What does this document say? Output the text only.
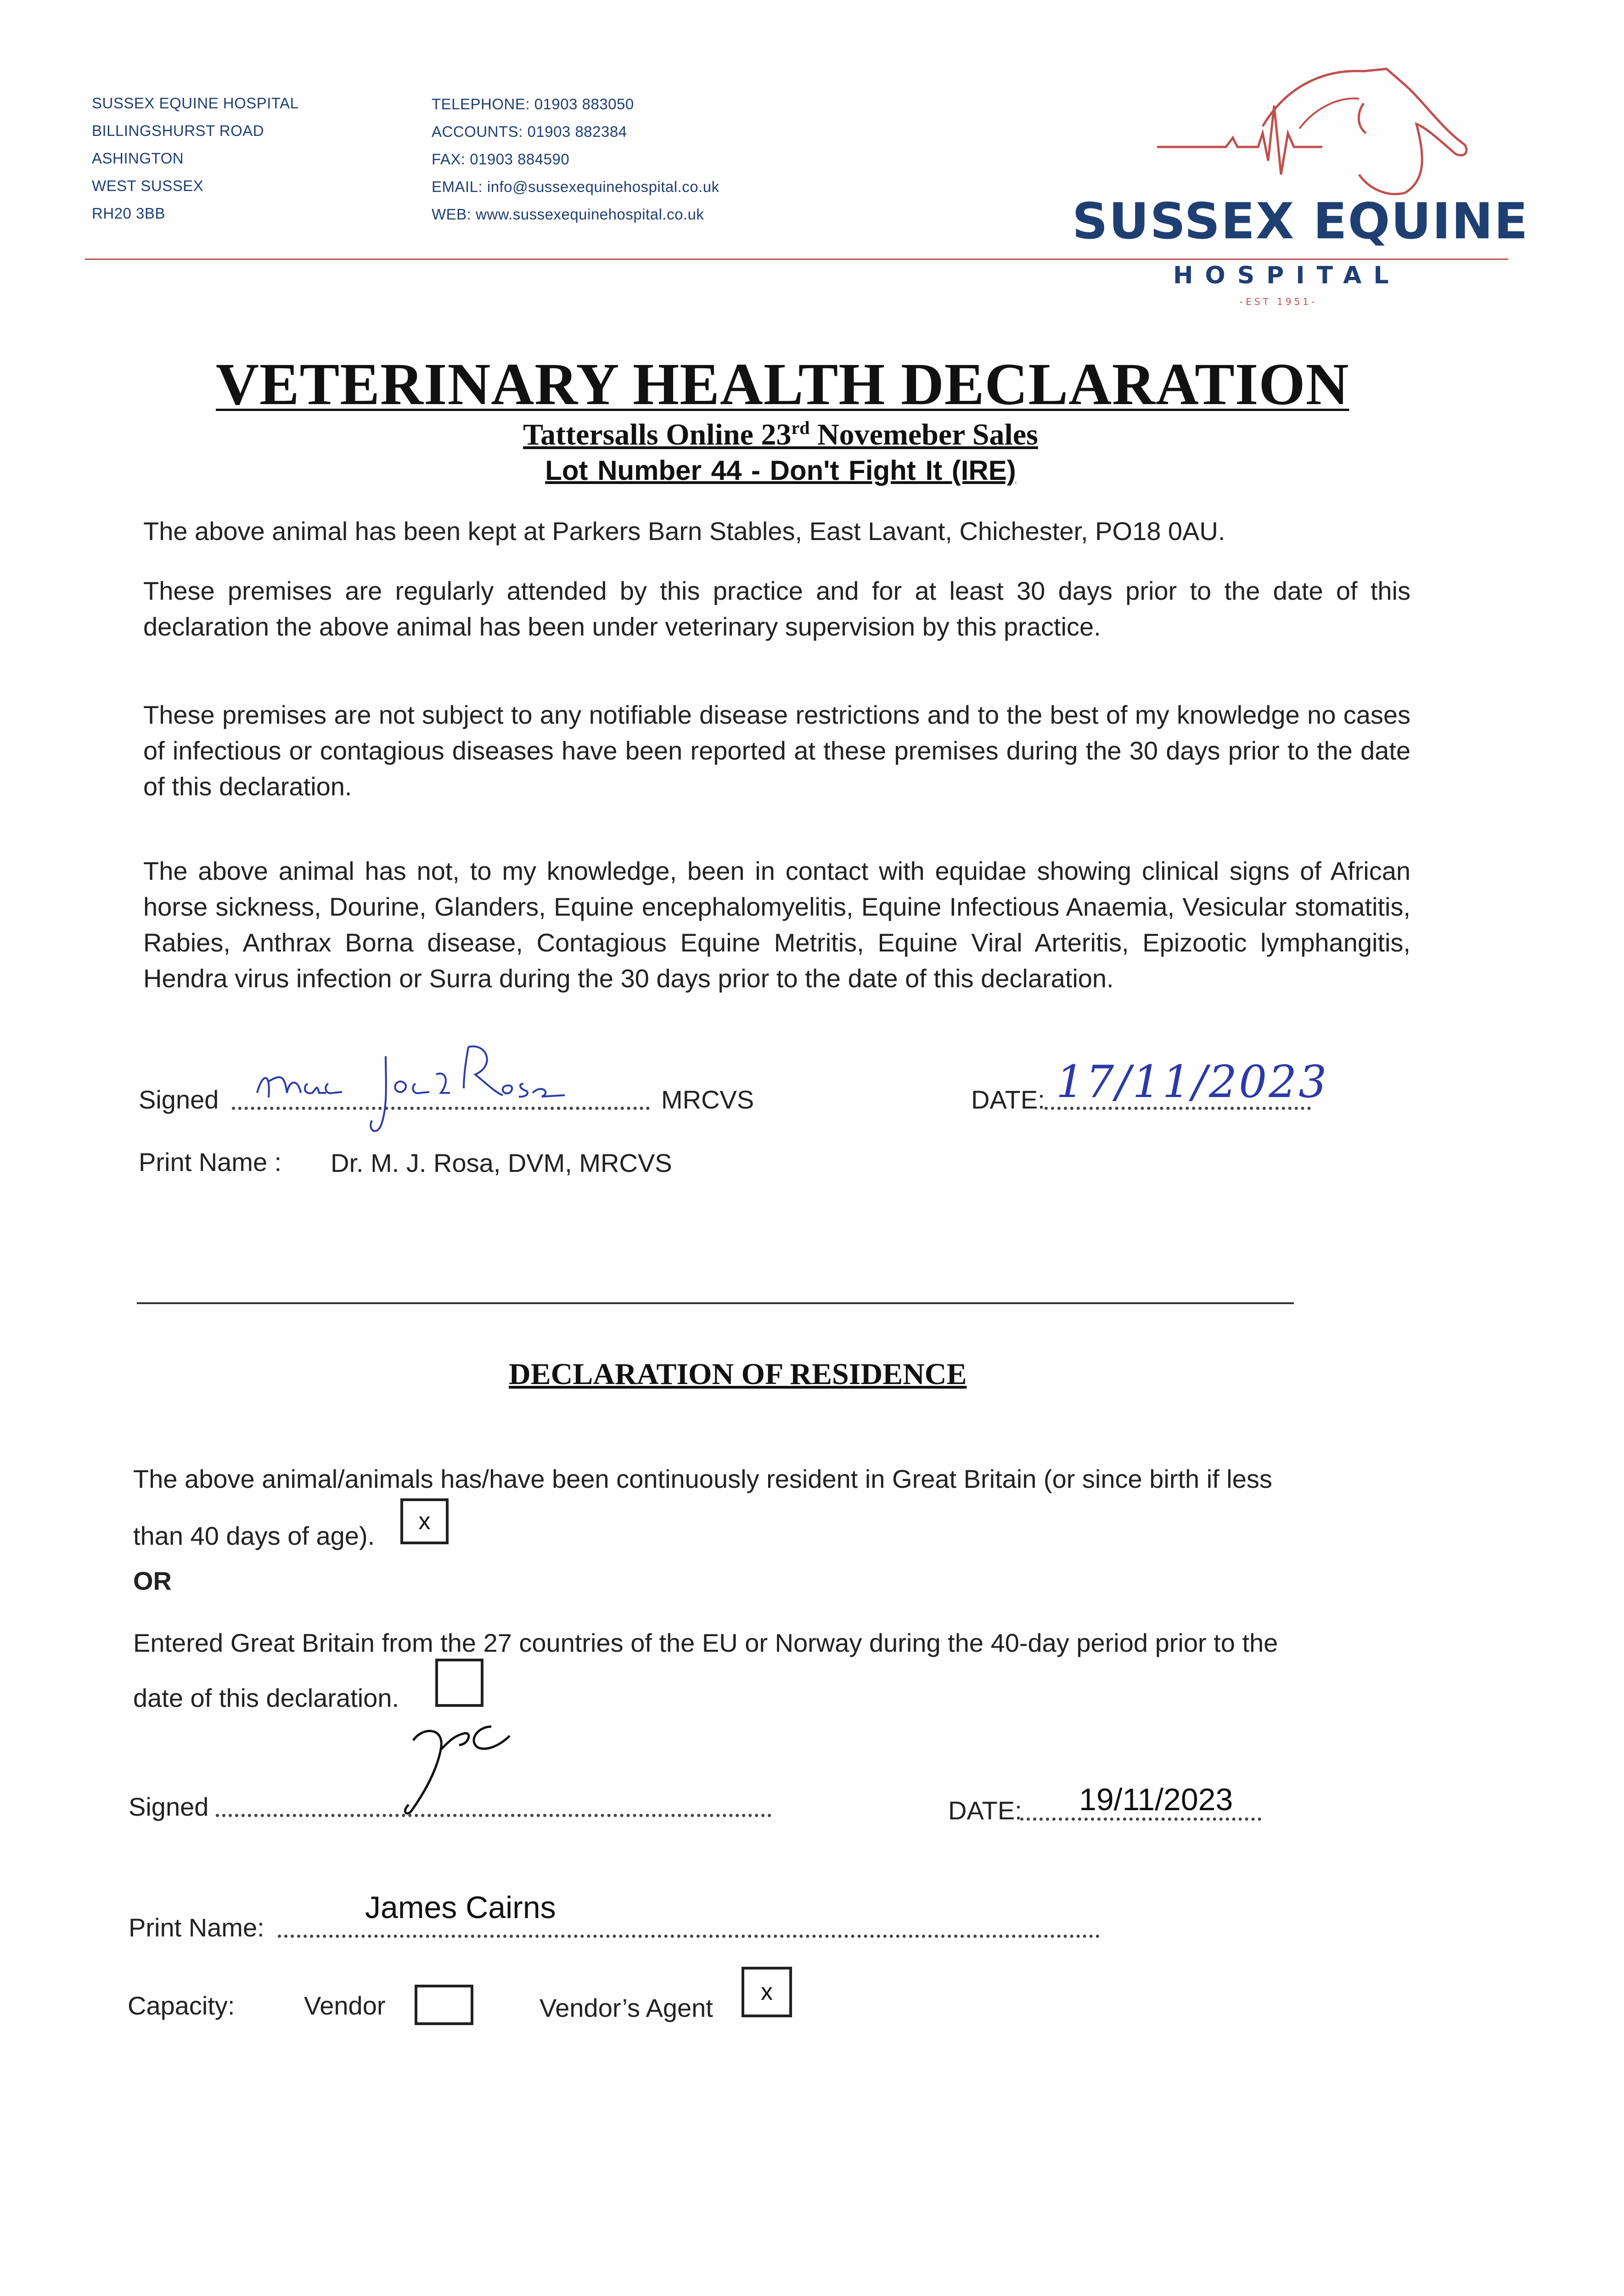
SUSSEX EQUINE HOSPITAL
BILLINGSHURST ROAD
ASHINGTON
WEST SUSSEX
RH20 3BB
TELEPHONE: 01903 883050
ACCOUNTS: 01903 882384
FAX: 01903 884590
EMAIL: info@sussexequinehospital.co.uk
WEB: www.sussexequinehospital.co.uk	SUSSEX EQUINE
HOSPITAL
-EST 1951-
VETERINARY HEALTH DECLARATION
Tattersalls Online 23rd Novemeber Sales
Lot Number 44 - Don't Fight It (IRE)
The above animal has been kept at Parkers Barn Stables, East Lavant, Chichester, PO18 0AU.
These premises are regularly attended by this practice and for at least 30 days prior to the date of this declaration the above animal has been under veterinary supervision by this practice.
These premises are not subject to any notifiable disease restrictions and to the best of my knowledge no cases of infectious or contagious diseases have been reported at these premises during the 30 days prior to the date of this declaration.
The above animal has not, to my knowledge, been in contact with equidae showing clinical signs of African horse sickness, Dourine, Glanders, Equine encephalomyelitis, Equine Infectious Anaemia, Vesicular stomatitis, Rabies, Anthrax Borna disease, Contagious Equine Metritis, Equine Viral Arteritis, Epizootic lymphangitis, Hendra virus infection or Surra during the 30 days prior to the date of this declaration.
Signed	MRCVS	DATE: 17/11/2023
Print Name : Dr. M. J. Rosa, DVM, MRCVS
DECLARATION OF RESIDENCE
The above animal/animals has/have been continuously resident in Great Britain (or since birth if less
than 40 days of age).	x
OR
Entered Great Britain from the 27 countries of the EU or Norway during the 40-day period prior to the
date of this declaration.
Signed	DATE: 19/11/2023
Print Name:
James Cairns
Capacity:	Vendor	Vendor’s Agent
x
